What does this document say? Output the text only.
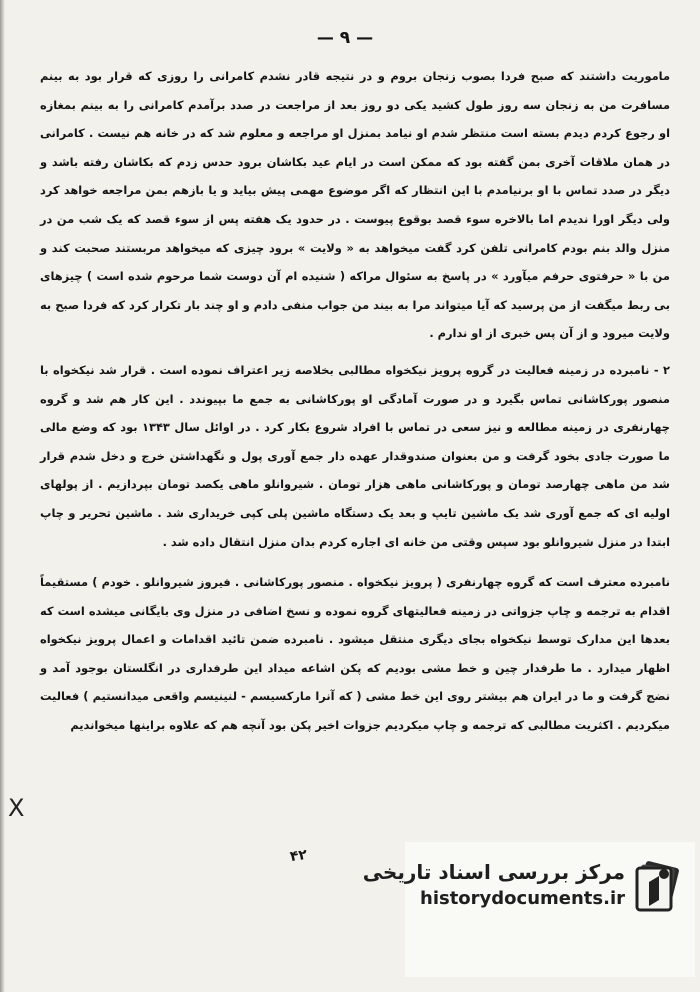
— ۹ —

ما‌مور‌یت داشتند که صبح فردا بصوب زنجان بروم و در نتیجه قادر نشدم کامرانی را روزی که قرار بود به بینم مسافرت من به زنجان سه روز طول کشید یکی دو روز بعد از مراجعت در صدد برآمدم کامرانی را به بینم بمغازه او رجوع کردم دیدم بسته است منتظر شدم او نیامد بمنزل او مراجعه و معلوم شد که در خانه هم نیست . کامرانی در همان ملاقات آخری بمن گفته بود که ممکن است در ایام عید بکاشان برود حدس زدم که بکاشان رفته باشد و دیگر در صدد تماس با او برنیامدم با این انتظار که اگر موضوع مهمی پیش بیاید و یا بازهم بمن مراجعه خواهد کرد ولی دیگر اورا ندیدم اما بالاخره سوء قصد بوقوع پیوست . در حدود یک هفته پس از سوء قصد که یک شب من در منزل والد بنم بودم کامرانی تلفن کرد گفت میخواهد به « ولایت » برود چیزی که میخواهد مربستند صحبت کند و من با « حرفتوی حرفم میآورد » در پاسخ به سئوال مراکه ( شنیده ام آن دوست شما مرحوم شده است ) چیزهای بی ربط میگفت از من پرسید که آیا میتواند مرا به بیند من جواب منفی دادم و او چند بار تکرار کرد که فردا صبح به ولایت میرود و از آن پس خبری از او ندارم .

۲ - نامبرده در زمینه فعالیت در گروه پرویز نیکخواه مطالبی بخلاصه زیر اعتراف نموده است . قرار شد نیکخواه با منصور پورکاشانی تماس بگیرد و در صورت آمادگی او پورکاشانی به جمع ما بپیوندد . این کار هم شد و گروه چهارنفری در زمینه مطالعه و نیز سعی در تماس با افراد شروع بکار کرد . در اوائل سال ۱۳۴۳ بود که وضع مالی ما صورت جادی بخود گرفت و من بعنوان صندوقدار عهده دار جمع آوری پول و نگهداشتن خرج و دخل شدم قرار شد من ماهی چهارصد تومان و پورکاشانی ماهی هزار تومان . شیروانلو ماهی یکصد تومان بپردازیم . از پولهای اولیه ای که جمع آوری شد یک ماشین تایپ و بعد یک دستگاه ماشین پلی کپی خریداری شد . ماشین تحریر و چاپ ابتدا در منزل شیروانلو بود سپس وقتی من خانه ای اجاره کردم بدان منزل انتقال داده شد .

نامبرده معترف است که گروه چهارنفری ( پرویز نیکخواه . منصور پورکاشانی . فیروز شیروانلو . خودم ) مستقیماً اقدام به ترجمه و چاپ جزواتی در زمینه فعالیتهای گروه نموده و نسخ اضافی در منزل وی بایگانی میشده است که بعدها این مدارک توسط نیکخواه بجای دیگری منتقل میشود . نامبرده ضمن تا‌ئید اقدامات و اعمال پرویز نیکخواه اظهار میدارد . ما طرفدار چین و خط مشی بودیم که پکن اشاعه میداد این طرفداری در انگلستان بوجود آمد و نضج گرفت و ما در ایران هم بیشتر روی این خط مشی ( که آنرا مارکسیسم - لنینیسم واقعی میدانستیم ) فعالیت میکردیم . اکثریت مطالبی که ترجمه و چاپ میکردیم جزوات اخیر پکن بود آنچه هم که علاوه براینها میخواندیم

X
۴۲
مرکز بررسی اسناد تاریخی
historydocuments.ir
